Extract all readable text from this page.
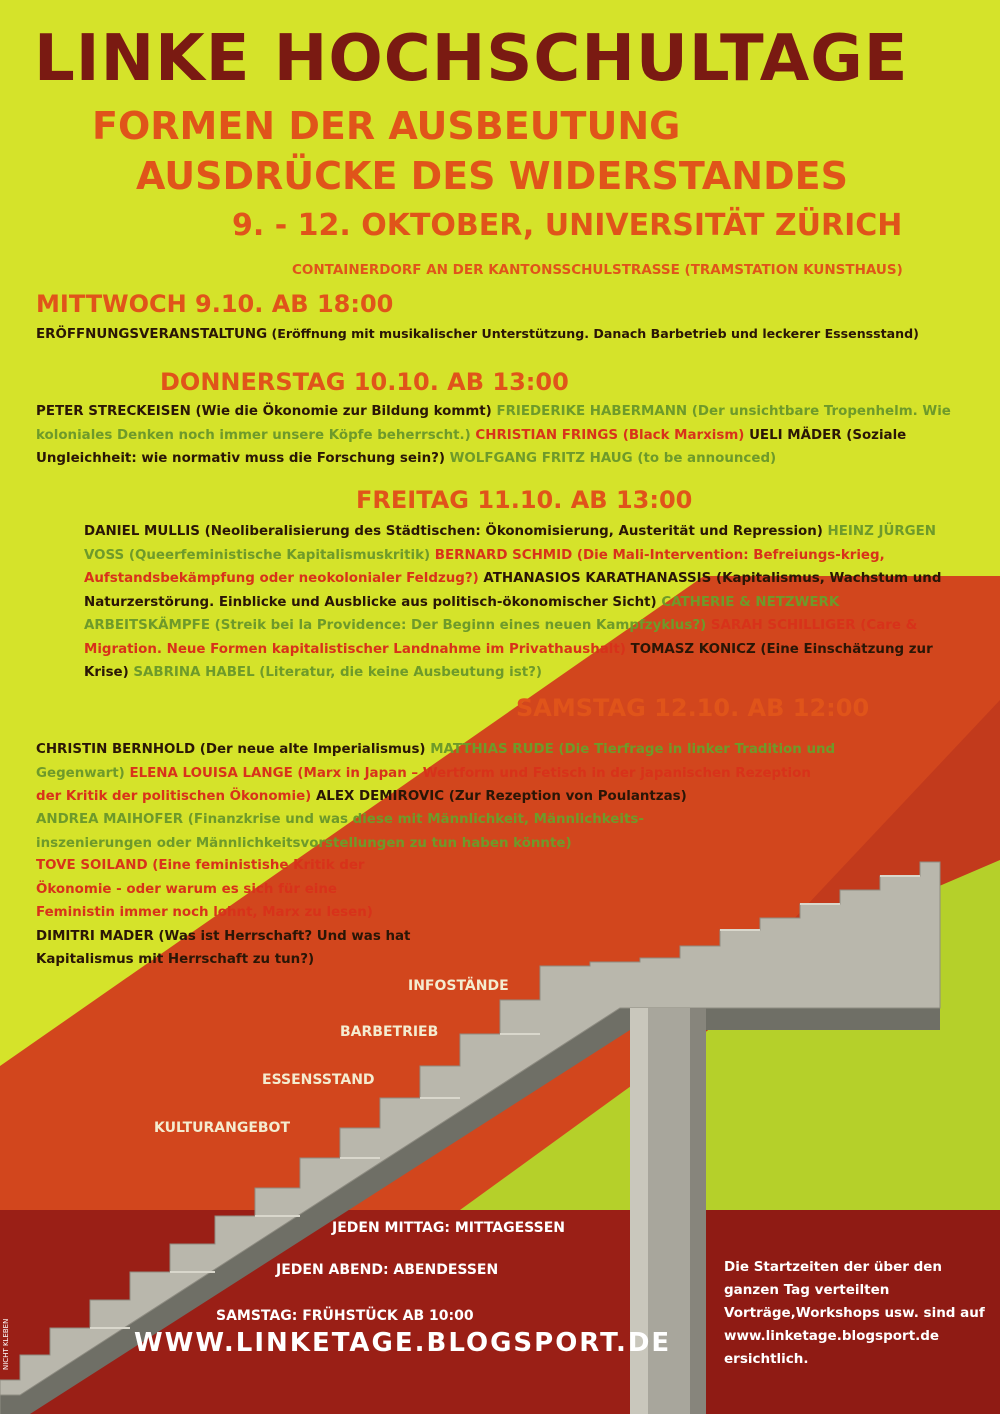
LINKE HOCHSCHULTAGE
FORMEN DER AUSBEUTUNG
AUSDRÜCKE DES WIDERSTANDES
9. - 12. OKTOBER, UNIVERSITÄT ZÜRICH
CONTAINERDORF AN DER KANTONSSCHULSTRASSE (TRAMSTATION KUNSTHAUS)
MITTWOCH 9.10. AB 18:00
ERÖFFNUNGSVERANSTALTUNG (Eröffnung mit musikalischer Unterstützung. Danach Barbetrieb und leckerer Essensstand)
DONNERSTAG 10.10. AB 13:00
PETER STRECKEISEN (Wie die Ökonomie zur Bildung kommt) FRIEDERIKE HABERMANN (Der unsichtbare Tropenhelm. Wie koloniales Denken noch immer unsere Köpfe beherrscht.) CHRISTIAN FRINGS (Black Marxism) UELI MÄDER (Soziale Ungleichheit: wie normativ muss die Forschung sein?) WOLFGANG FRITZ HAUG (to be announced)
FREITAG 11.10. AB 13:00
DANIEL MULLIS (Neoliberalisierung des Städtischen: Ökonomisierung, Austerität und Repression) HEINZ JÜRGEN VOSS (Queerfeministische Kapitalismuskritik) BERNARD SCHMID (Die Mali-Intervention: Befreiungs-krieg, Aufstandsbekämpfung oder neokolonialer Feldzug?) ATHANASIOS KARATHANASSIS (Kapitalismus, Wachstum und Naturzerstörung. Einblicke und Ausblicke aus politisch-ökonomischer Sicht) CATHERIE & NETZWERK ARBEITSKÄMPFE (Streik bei la Providence: Der Beginn eines neuen Kampfzyklus?) SARAH SCHILLIGER (Care & Migration. Neue Formen kapitalistischer Landnahme im Privathaushalt) TOMASZ KONICZ (Eine Einschätzung zur Krise) SABRINA HABEL (Literatur, die keine Ausbeutung ist?)
SAMSTAG 12.10. AB 12:00
CHRISTIN BERNHOLD (Der neue alte Imperialismus) MATTHIAS RUDE (Die Tierfrage in linker Tradition und Gegenwart) ELENA LOUISA LANGE (Marx in Japan – Wertform und Fetisch in der japanischen Rezeption der Kritik der politischen Ökonomie) ALEX DEMIROVIC (Zur Rezeption von Poulantzas)
ANDREA MAIHOFER (Finanzkrise und was diese mit Männlichkeit, Männlichkeits-inszenierungen oder Männlichkeitsvorstellungen zu tun haben könnte)
TOVE SOILAND (Eine feministishe Kritik der Ökonomie - oder warum es sich für eine Feministin immer noch lohnt, Marx zu lesen) DIMITRI MADER (Was ist Herrschaft? Und was hat Kapitalismus mit Herrschaft zu tun?)
INFOSTÄNDE
BARBETRIEB
ESSENSSTAND
KULTURANGEBOT
JEDEN MITTAG: MITTAGESSEN
JEDEN ABEND: ABENDESSEN
SAMSTAG: FRÜHSTÜCK AB 10:00
WWW.LINKETAGE.BLOGSPORT.DE
Die Startzeiten der über den ganzen Tag verteilten Vorträge,Workshops usw. sind auf www.linketage.blogsport.de ersichtlich.
NICHT KLEBEN
